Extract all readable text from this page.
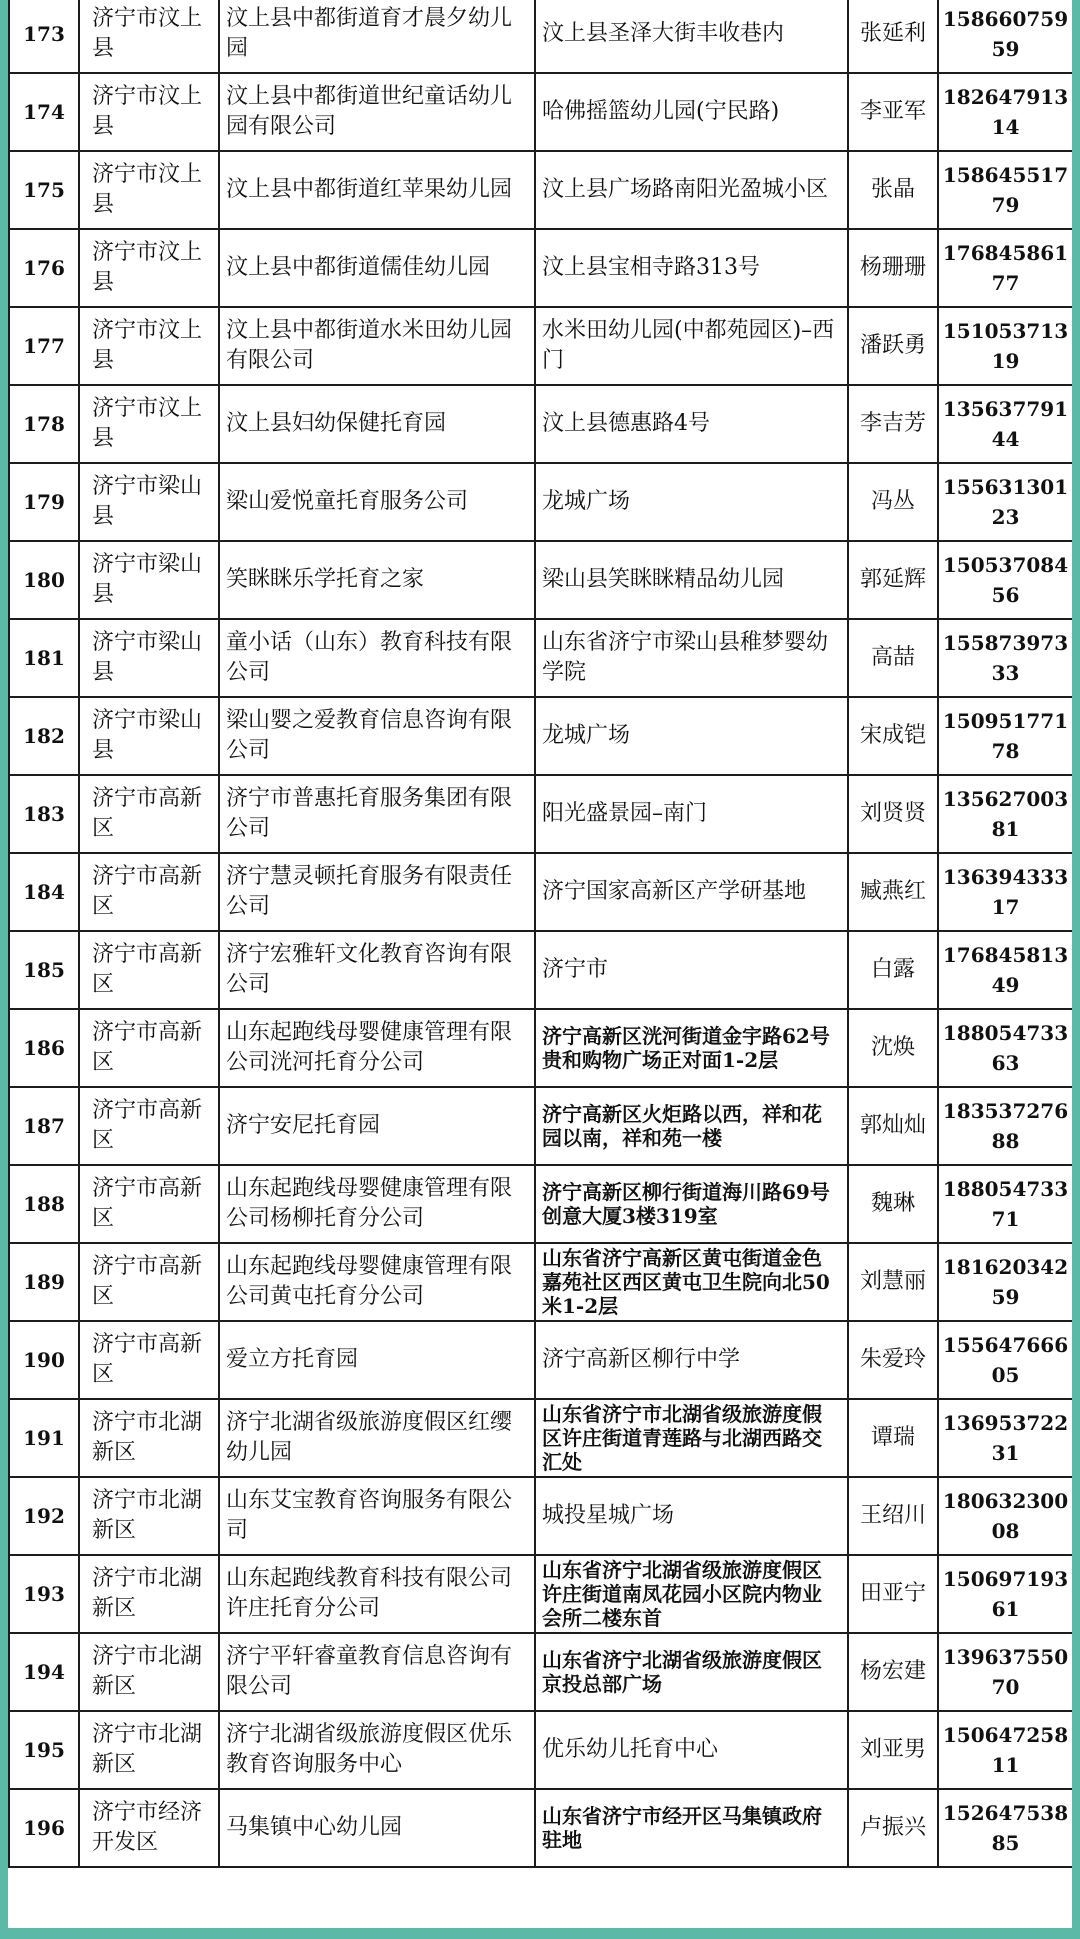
173	济宁市汶上县	汶上县中都街道育才晨夕幼儿园	汶上县圣泽大街丰收巷内	张延利	15866075959
174	济宁市汶上县	汶上县中都街道世纪童话幼儿园有限公司	哈佛摇篮幼儿园(宁民路)	李亚军	18264791314
175	济宁市汶上县	汶上县中都街道红苹果幼儿园	汶上县广场路南阳光盈城小区	张晶	15864551779
176	济宁市汶上县	汶上县中都街道儒佳幼儿园	汶上县宝相寺路313号	杨珊珊	17684586177
177	济宁市汶上县	汶上县中都街道水米田幼儿园有限公司	水米田幼儿园(中都苑园区)–西门	潘跃勇	15105371319
178	济宁市汶上县	汶上县妇幼保健托育园	汶上县德惠路4号	李吉芳	13563779144
179	济宁市梁山县	梁山爱悦童托育服务公司	龙城广场	冯丛	15563130123
180	济宁市梁山县	笑眯眯乐学托育之家	梁山县笑眯眯精品幼儿园	郭延辉	15053708456
181	济宁市梁山县	童小话（山东）教育科技有限公司	山东省济宁市梁山县稚梦婴幼学院	高喆	15587397333
182	济宁市梁山县	梁山婴之爱教育信息咨询有限公司	龙城广场	宋成铠	15095177178
183	济宁市高新区	济宁市普惠托育服务集团有限公司	阳光盛景园–南门	刘贤贤	13562700381
184	济宁市高新区	济宁慧灵顿托育服务有限责任公司	济宁国家高新区产学研基地	臧燕红	13639433317
185	济宁市高新区	济宁宏雅轩文化教育咨询有限公司	济宁市	白露	17684581349
186	济宁市高新区	山东起跑线母婴健康管理有限公司洸河托育分公司	济宁高新区洸河街道金宇路62号贵和购物广场正对面1-2层	沈焕	18805473363
187	济宁市高新区	济宁安尼托育园	济宁高新区火炬路以西，祥和花园以南，祥和苑一楼	郭灿灿	18353727688
188	济宁市高新区	山东起跑线母婴健康管理有限公司杨柳托育分公司	济宁高新区柳行街道海川路69号创意大厦3楼319室	魏琳	18805473371
189	济宁市高新区	山东起跑线母婴健康管理有限公司黄屯托育分公司	山东省济宁高新区黄屯街道金色嘉苑社区西区黄屯卫生院向北50米1-2层	刘慧丽	18162034259
190	济宁市高新区	爱立方托育园	济宁高新区柳行中学	朱爱玲	15564766605
191	济宁市北湖新区	济宁北湖省级旅游度假区红缨幼儿园	山东省济宁市北湖省级旅游度假区许庄街道青莲路与北湖西路交汇处	谭瑞	13695372231
192	济宁市北湖新区	山东艾宝教育咨询服务有限公司	城投星城广场	王绍川	18063230008
193	济宁市北湖新区	山东起跑线教育科技有限公司许庄托育分公司	山东省济宁北湖省级旅游度假区许庄街道南凤花园小区院内物业会所二楼东首	田亚宁	15069719361
194	济宁市北湖新区	济宁平轩睿童教育信息咨询有限公司	山东省济宁北湖省级旅游度假区京投总部广场	杨宏建	13963755070
195	济宁市北湖新区	济宁北湖省级旅游度假区优乐教育咨询服务中心	优乐幼儿托育中心	刘亚男	15064725811
196	济宁市经济开发区	马集镇中心幼儿园	山东省济宁市经开区马集镇政府驻地	卢振兴	15264753885
